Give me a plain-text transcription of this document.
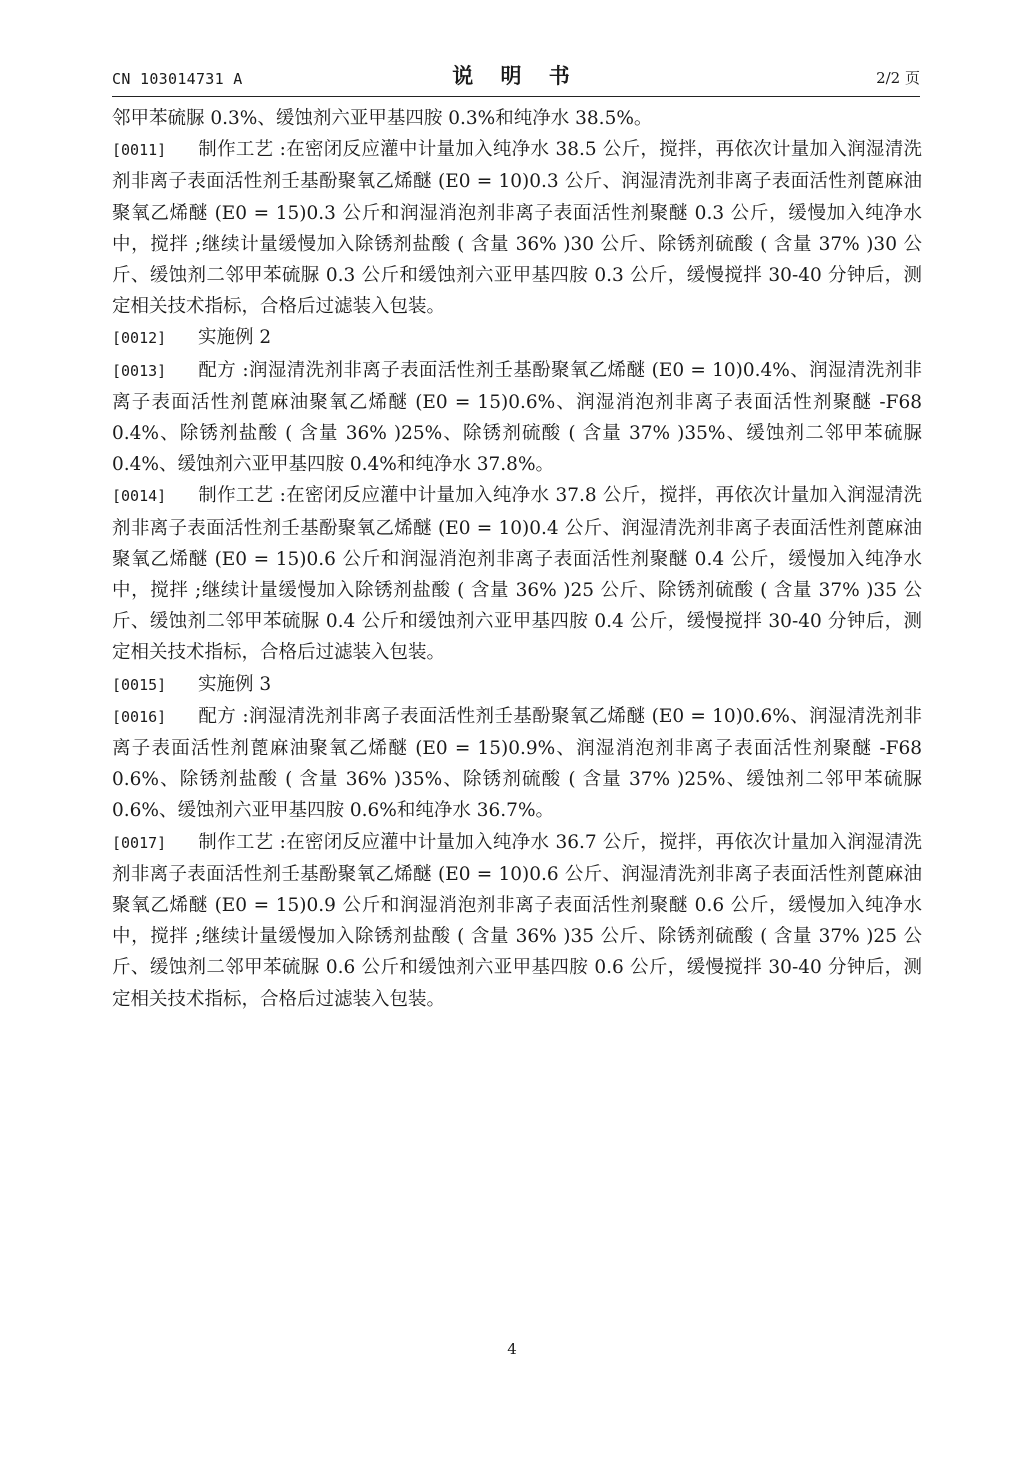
CN 103014731 A	说 明 书	2/2 页

邻甲苯硫脲 0.3%、缓蚀剂六亚甲基四胺 0.3%和纯净水 38.5%。

[0011] 制作工艺 :在密闭反应灌中计量加入纯净水 38.5 公斤，搅拌，再依次计量加入润湿清洗剂非离子表面活性剂壬基酚聚氧乙烯醚 (E0 = 10)0.3 公斤、润湿清洗剂非离子表面活性剂蓖麻油聚氧乙烯醚 (E0 = 15)0.3 公斤和润湿消泡剂非离子表面活性剂聚醚 0.3 公斤，缓慢加入纯净水中，搅拌 ;继续计量缓慢加入除锈剂盐酸 ( 含量 36% )30 公斤、除锈剂硫酸 ( 含量 37% )30 公斤、缓蚀剂二邻甲苯硫脲 0.3 公斤和缓蚀剂六亚甲基四胺 0.3 公斤，缓慢搅拌 30-40 分钟后，测定相关技术指标，合格后过滤装入包装。

[0012] 实施例 2

[0013] 配方 :润湿清洗剂非离子表面活性剂壬基酚聚氧乙烯醚 (E0 = 10)0.4%、润湿清洗剂非离子表面活性剂蓖麻油聚氧乙烯醚 (E0 = 15)0.6%、润湿消泡剂非离子表面活性剂聚醚 -F68 0.4%、除锈剂盐酸 ( 含量 36% )25%、除锈剂硫酸 ( 含量 37% )35%、缓蚀剂二邻甲苯硫脲 0.4%、缓蚀剂六亚甲基四胺 0.4%和纯净水 37.8%。

[0014] 制作工艺 :在密闭反应灌中计量加入纯净水 37.8 公斤，搅拌，再依次计量加入润湿清洗剂非离子表面活性剂壬基酚聚氧乙烯醚 (E0 = 10)0.4 公斤、润湿清洗剂非离子表面活性剂蓖麻油聚氧乙烯醚 (E0 = 15)0.6 公斤和润湿消泡剂非离子表面活性剂聚醚 0.4 公斤，缓慢加入纯净水中，搅拌 ;继续计量缓慢加入除锈剂盐酸 ( 含量 36% )25 公斤、除锈剂硫酸 ( 含量 37% )35 公斤、缓蚀剂二邻甲苯硫脲 0.4 公斤和缓蚀剂六亚甲基四胺 0.4 公斤，缓慢搅拌 30-40 分钟后，测定相关技术指标，合格后过滤装入包装。

[0015] 实施例 3

[0016] 配方 :润湿清洗剂非离子表面活性剂壬基酚聚氧乙烯醚 (E0 = 10)0.6%、润湿清洗剂非离子表面活性剂蓖麻油聚氧乙烯醚 (E0 = 15)0.9%、润湿消泡剂非离子表面活性剂聚醚 -F68 0.6%、除锈剂盐酸 ( 含量 36% )35%、除锈剂硫酸 ( 含量 37% )25%、缓蚀剂二邻甲苯硫脲 0.6%、缓蚀剂六亚甲基四胺 0.6%和纯净水 36.7%。

[0017] 制作工艺 :在密闭反应灌中计量加入纯净水 36.7 公斤，搅拌，再依次计量加入润湿清洗剂非离子表面活性剂壬基酚聚氧乙烯醚 (E0 = 10)0.6 公斤、润湿清洗剂非离子表面活性剂蓖麻油聚氧乙烯醚 (E0 = 15)0.9 公斤和润湿消泡剂非离子表面活性剂聚醚 0.6 公斤，缓慢加入纯净水中，搅拌 ;继续计量缓慢加入除锈剂盐酸 ( 含量 36% )35 公斤、除锈剂硫酸 ( 含量 37% )25 公斤、缓蚀剂二邻甲苯硫脲 0.6 公斤和缓蚀剂六亚甲基四胺 0.6 公斤，缓慢搅拌 30-40 分钟后，测定相关技术指标，合格后过滤装入包装。

4
